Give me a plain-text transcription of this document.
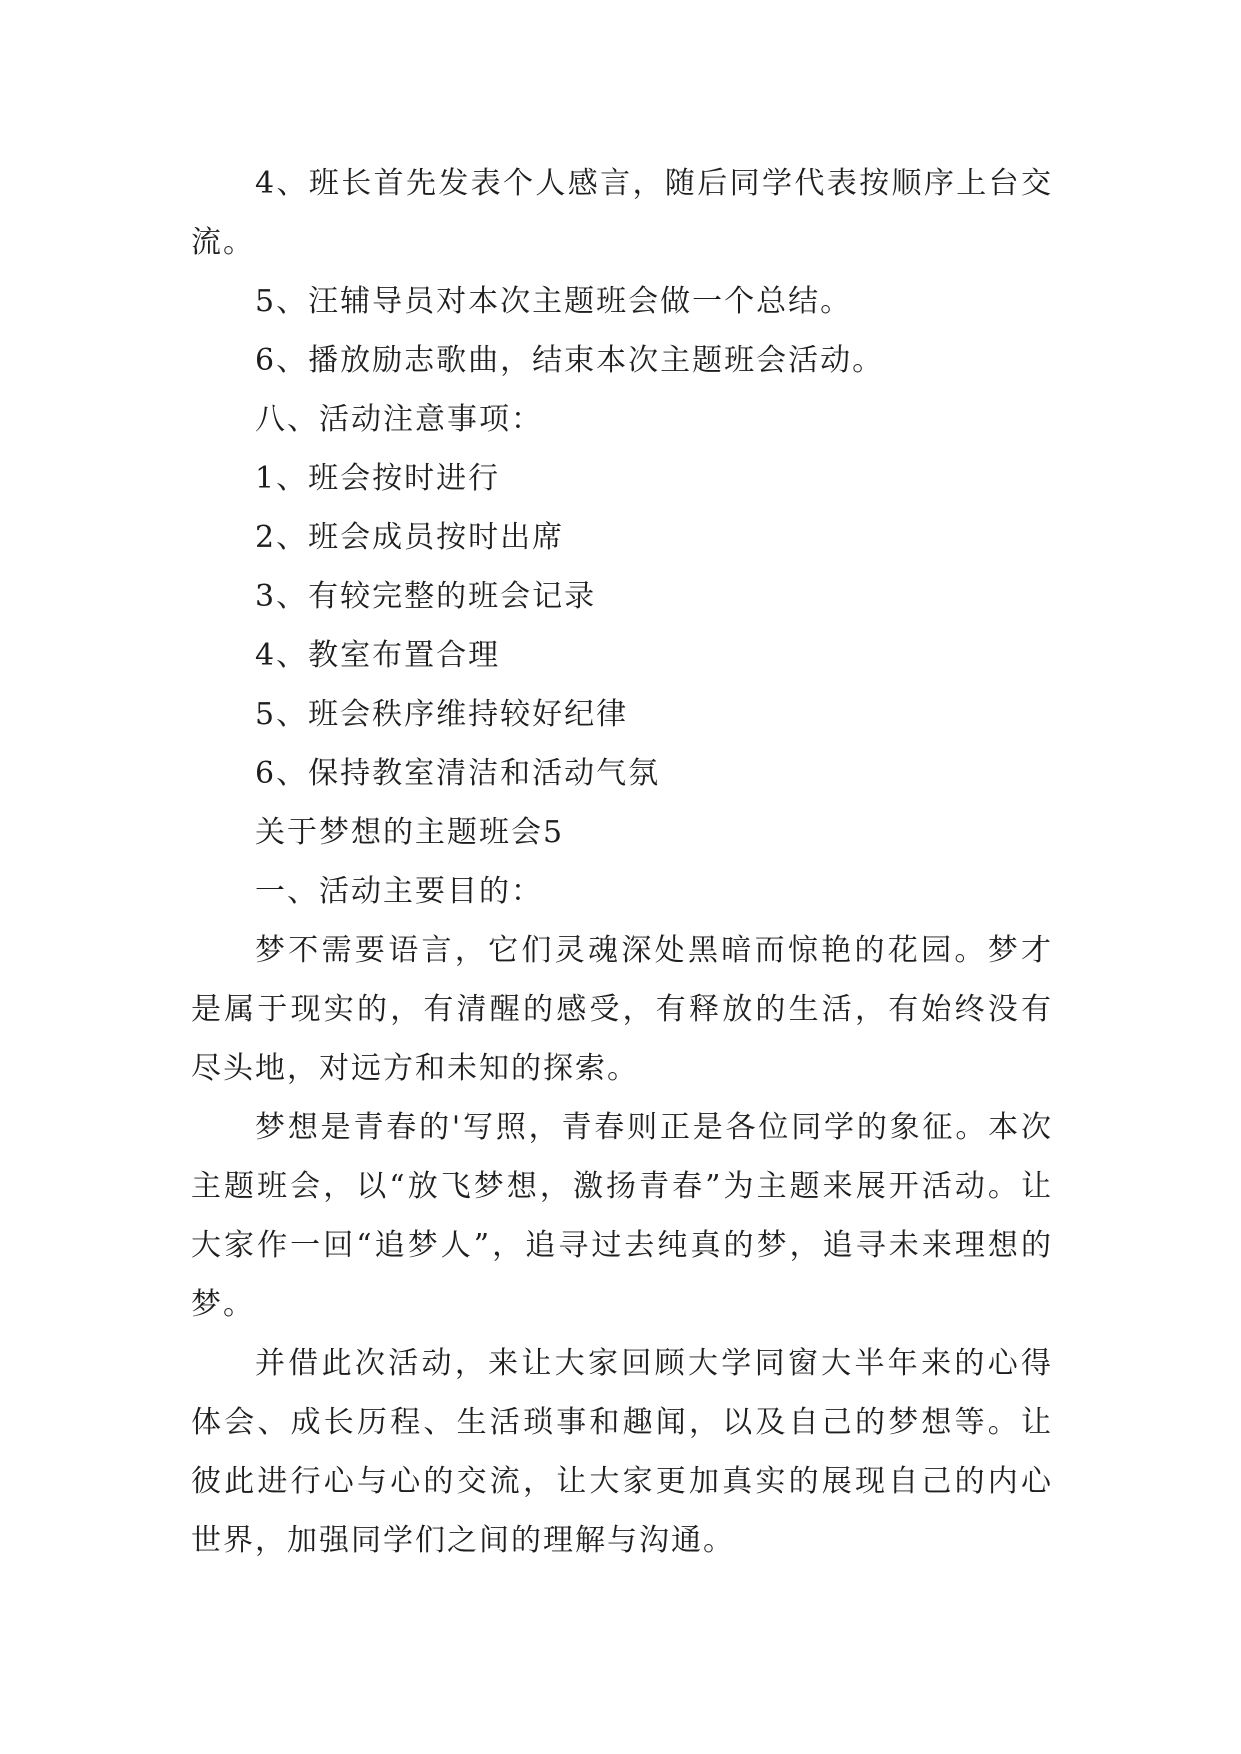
4、班长首先发表个人感言，随后同学代表按顺序上台交流。

5、汪辅导员对本次主题班会做一个总结。

6、播放励志歌曲，结束本次主题班会活动。

八、活动注意事项：

1、班会按时进行

2、班会成员按时出席

3、有较完整的班会记录

4、教室布置合理

5、班会秩序维持较好纪律

6、保持教室清洁和活动气氛

关于梦想的主题班会5

一、活动主要目的：

梦不需要语言，它们灵魂深处黑暗而惊艳的花园。梦才是属于现实的，有清醒的感受，有释放的生活，有始终没有尽头地，对远方和未知的探索。

梦想是青春的'写照，青春则正是各位同学的象征。本次主题班会，以“放飞梦想，激扬青春”为主题来展开活动。让大家作一回“追梦人”，追寻过去纯真的梦，追寻未来理想的梦。

并借此次活动，来让大家回顾大学同窗大半年来的心得体会、成长历程、生活琐事和趣闻，以及自己的梦想等。让彼此进行心与心的交流，让大家更加真实的展现自己的内心世界，加强同学们之间的理解与沟通。
